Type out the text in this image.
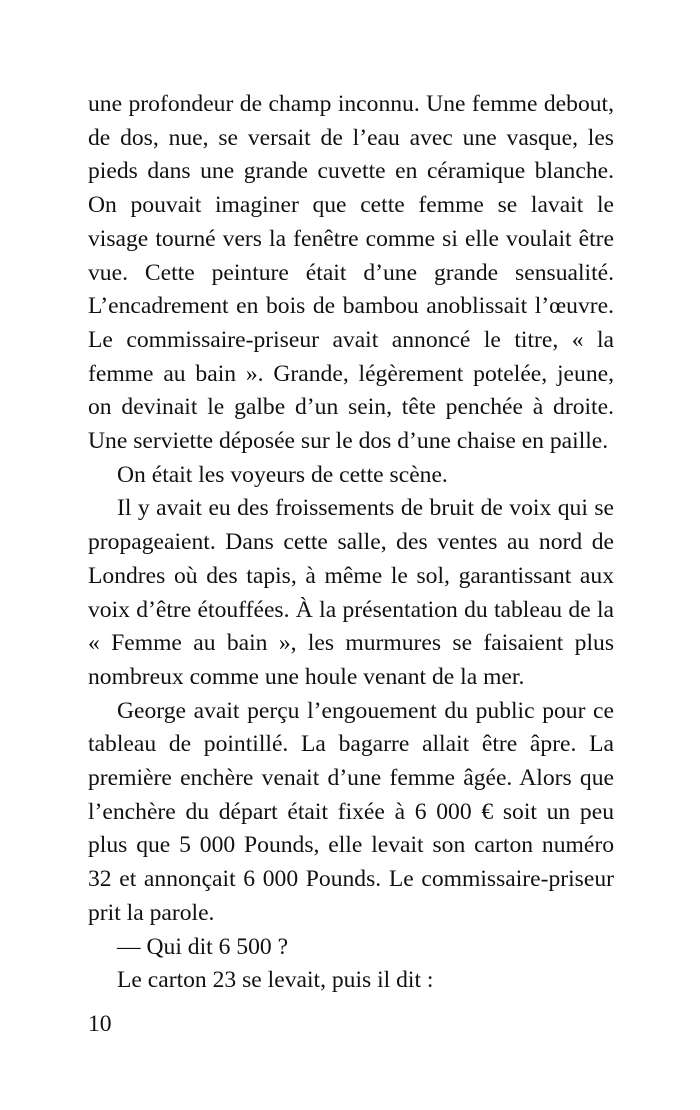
une profondeur de champ inconnu. Une femme debout, de dos, nue, se versait de l’eau avec une vasque, les pieds dans une grande cuvette en céramique blanche. On pouvait imaginer que cette femme se lavait le visage tourné vers la fenêtre comme si elle voulait être vue. Cette peinture était d’une grande sensualité. L’encadrement en bois de bambou anoblissait l’œuvre. Le commissaire-priseur avait annoncé le titre, « la femme au bain ». Grande, légèrement potelée, jeune, on devinait le galbe d’un sein, tête penchée à droite. Une serviette déposée sur le dos d’une chaise en paille.

On était les voyeurs de cette scène.

Il y avait eu des froissements de bruit de voix qui se propageaient. Dans cette salle, des ventes au nord de Londres où des tapis, à même le sol, garantissant aux voix d’être étouffées. À la présentation du tableau de la « Femme au bain », les murmures se faisaient plus nombreux comme une houle venant de la mer.

George avait perçu l’engouement du public pour ce tableau de pointillé. La bagarre allait être âpre. La première enchère venait d’une femme âgée. Alors que l’enchère du départ était fixée à 6 000 € soit un peu plus que 5 000 Pounds, elle levait son carton numéro 32 et annonçait 6 000 Pounds. Le commissaire-priseur prit la parole.

— Qui dit 6 500 ?

Le carton 23 se levait, puis il dit :

10
